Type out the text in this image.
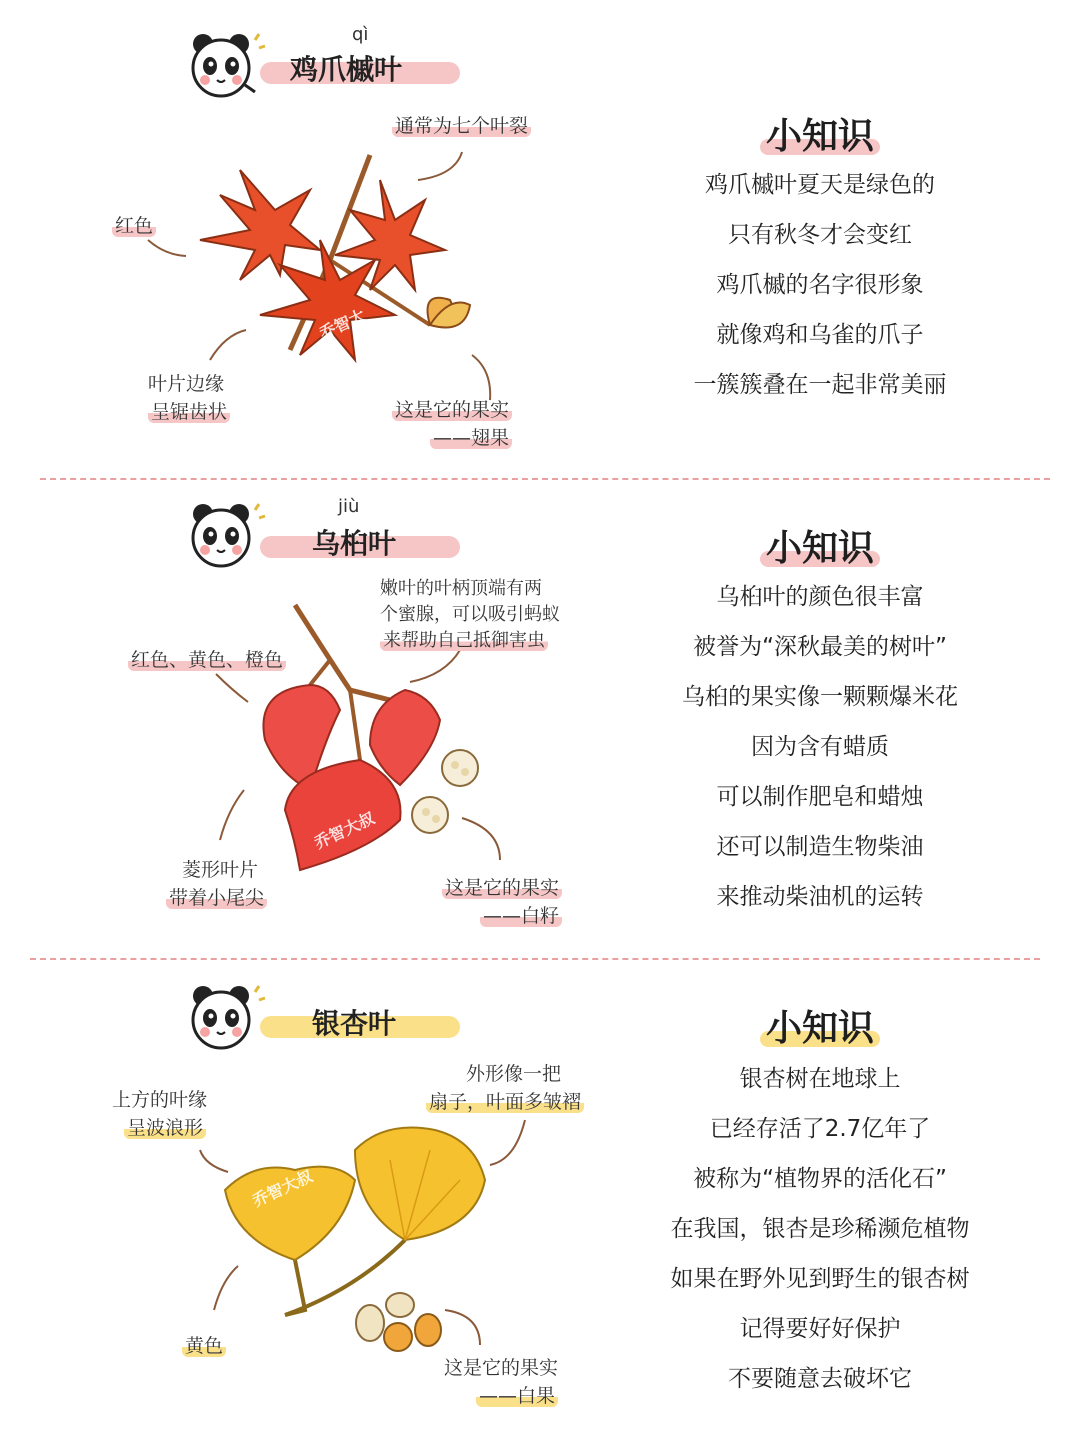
qì
鸡爪槭叶
乔智大
通常为七个叶裂
红色
叶片边缘
呈锯齿状	这是它的果实
——翅果
小知识
鸡爪槭叶夏天是绿色的
只有秋冬才会变红
鸡爪槭的名字很形象
就像鸡和乌雀的爪子
一簇簇叠在一起非常美丽
jiù
乌桕叶
乔智大叔
嫩叶的叶柄顶端有两
个蜜腺，可以吸引蚂蚁
来帮助自己抵御害虫
红色、黄色、橙色
菱形叶片
带着小尾尖	这是它的果实
——白籽
小知识
乌桕叶的颜色很丰富
被誉为“深秋最美的树叶”
乌桕的果实像一颗颗爆米花
因为含有蜡质
可以制作肥皂和蜡烛
还可以制造生物柴油
来推动柴油机的运转
银杏叶
乔智大叔
上方的叶缘
呈波浪形
外形像一把
扇子，叶面多皱褶
黄色
这是它的果实
——白果
小知识
银杏树在地球上
已经存活了2.7亿年了
被称为“植物界的活化石”
在我国，银杏是珍稀濒危植物
如果在野外见到野生的银杏树
记得要好好保护
不要随意去破坏它
